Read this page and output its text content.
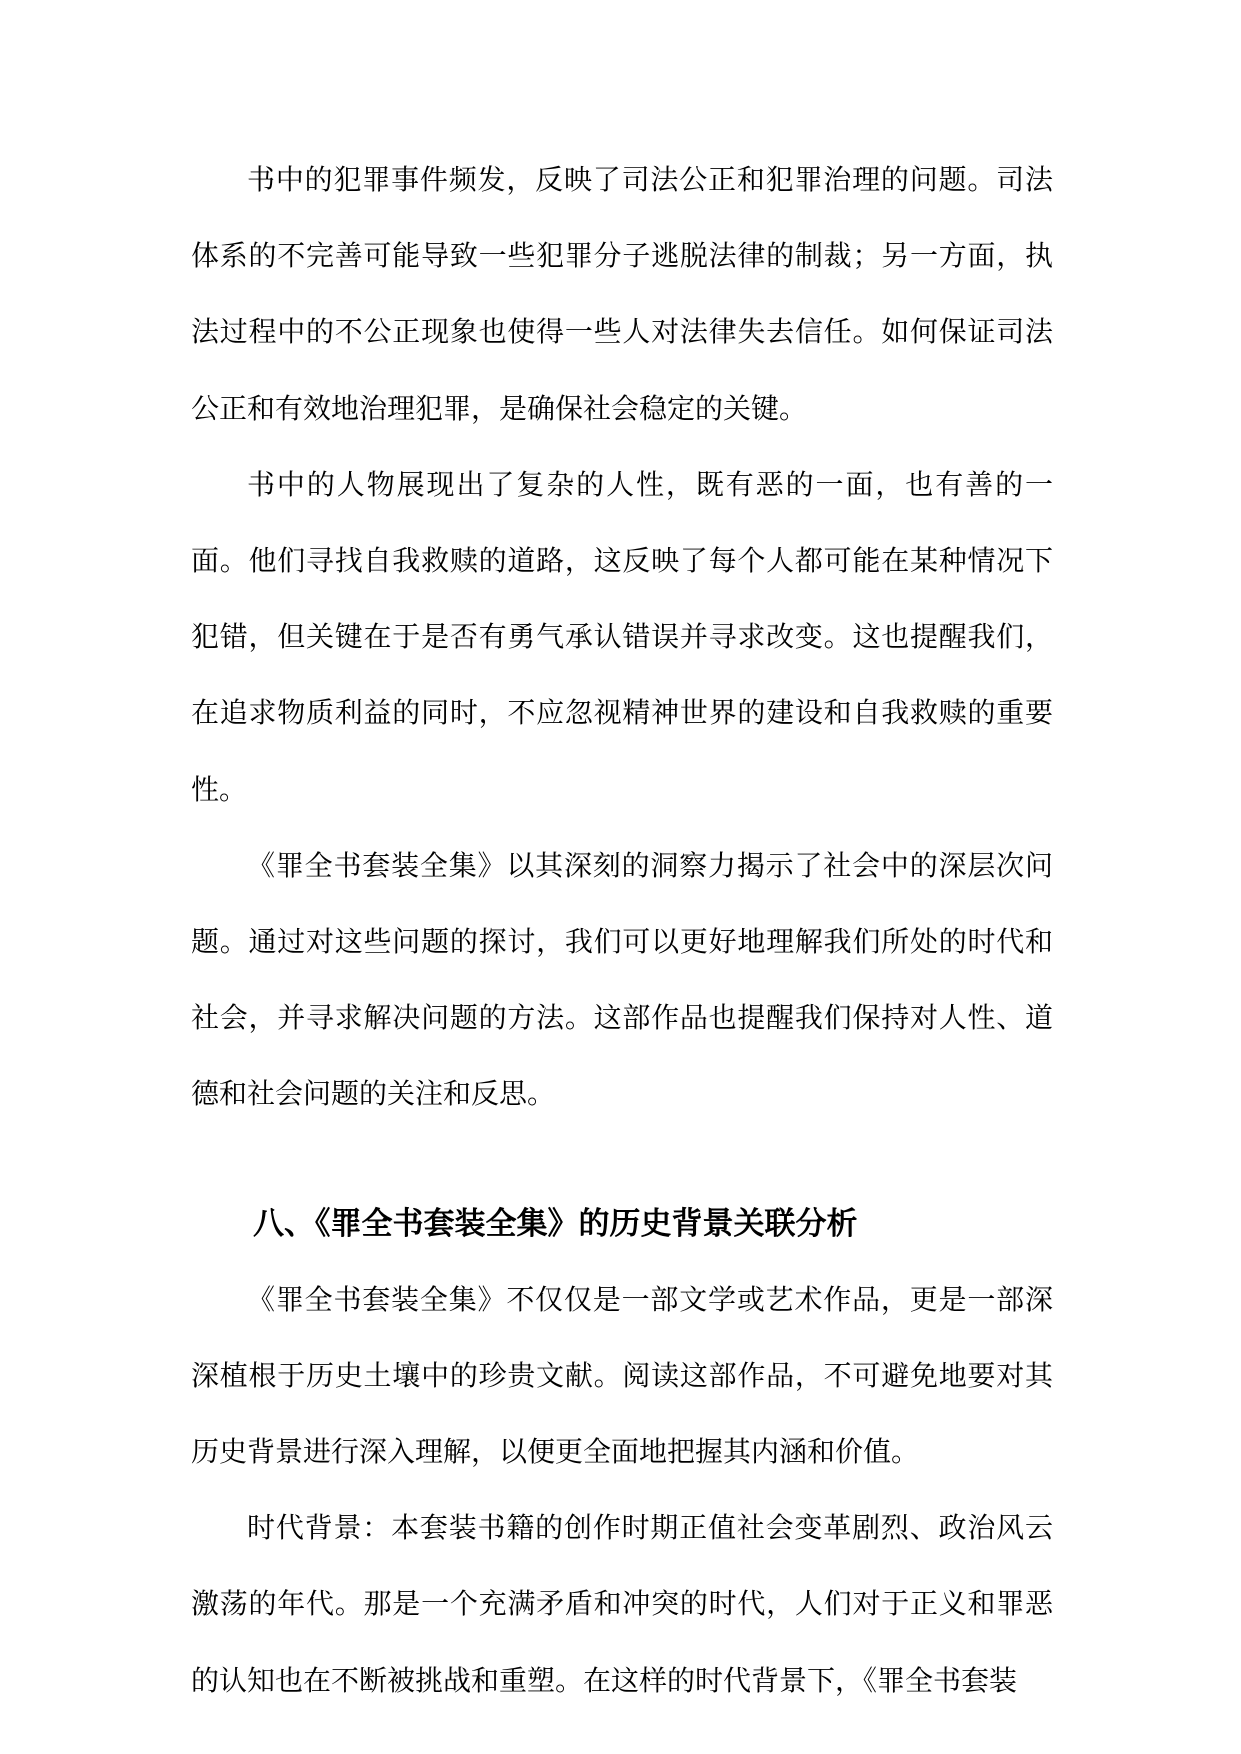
书中的犯罪事件频发，反映了司法公正和犯罪治理的问题。司法体系的不完善可能导致一些犯罪分子逃脱法律的制裁；另一方面，执法过程中的不公正现象也使得一些人对法律失去信任。如何保证司法公正和有效地治理犯罪，是确保社会稳定的关键。

书中的人物展现出了复杂的人性，既有恶的一面，也有善的一面。他们寻找自我救赎的道路，这反映了每个人都可能在某种情况下犯错，但关键在于是否有勇气承认错误并寻求改变。这也提醒我们，在追求物质利益的同时，不应忽视精神世界的建设和自我救赎的重要性。

《罪全书套装全集》以其深刻的洞察力揭示了社会中的深层次问题。通过对这些问题的探讨，我们可以更好地理解我们所处的时代和社会，并寻求解决问题的方法。这部作品也提醒我们保持对人性、道德和社会问题的关注和反思。

八、《罪全书套装全集》的历史背景关联分析

《罪全书套装全集》不仅仅是一部文学或艺术作品，更是一部深深植根于历史土壤中的珍贵文献。阅读这部作品，不可避免地要对其历史背景进行深入理解，以便更全面地把握其内涵和价值。

时代背景：本套装书籍的创作时期正值社会变革剧烈、政治风云激荡的年代。那是一个充满矛盾和冲突的时代，人们对于正义和罪恶的认知也在不断被挑战和重塑。在这样的时代背景下，《罪全书套装
